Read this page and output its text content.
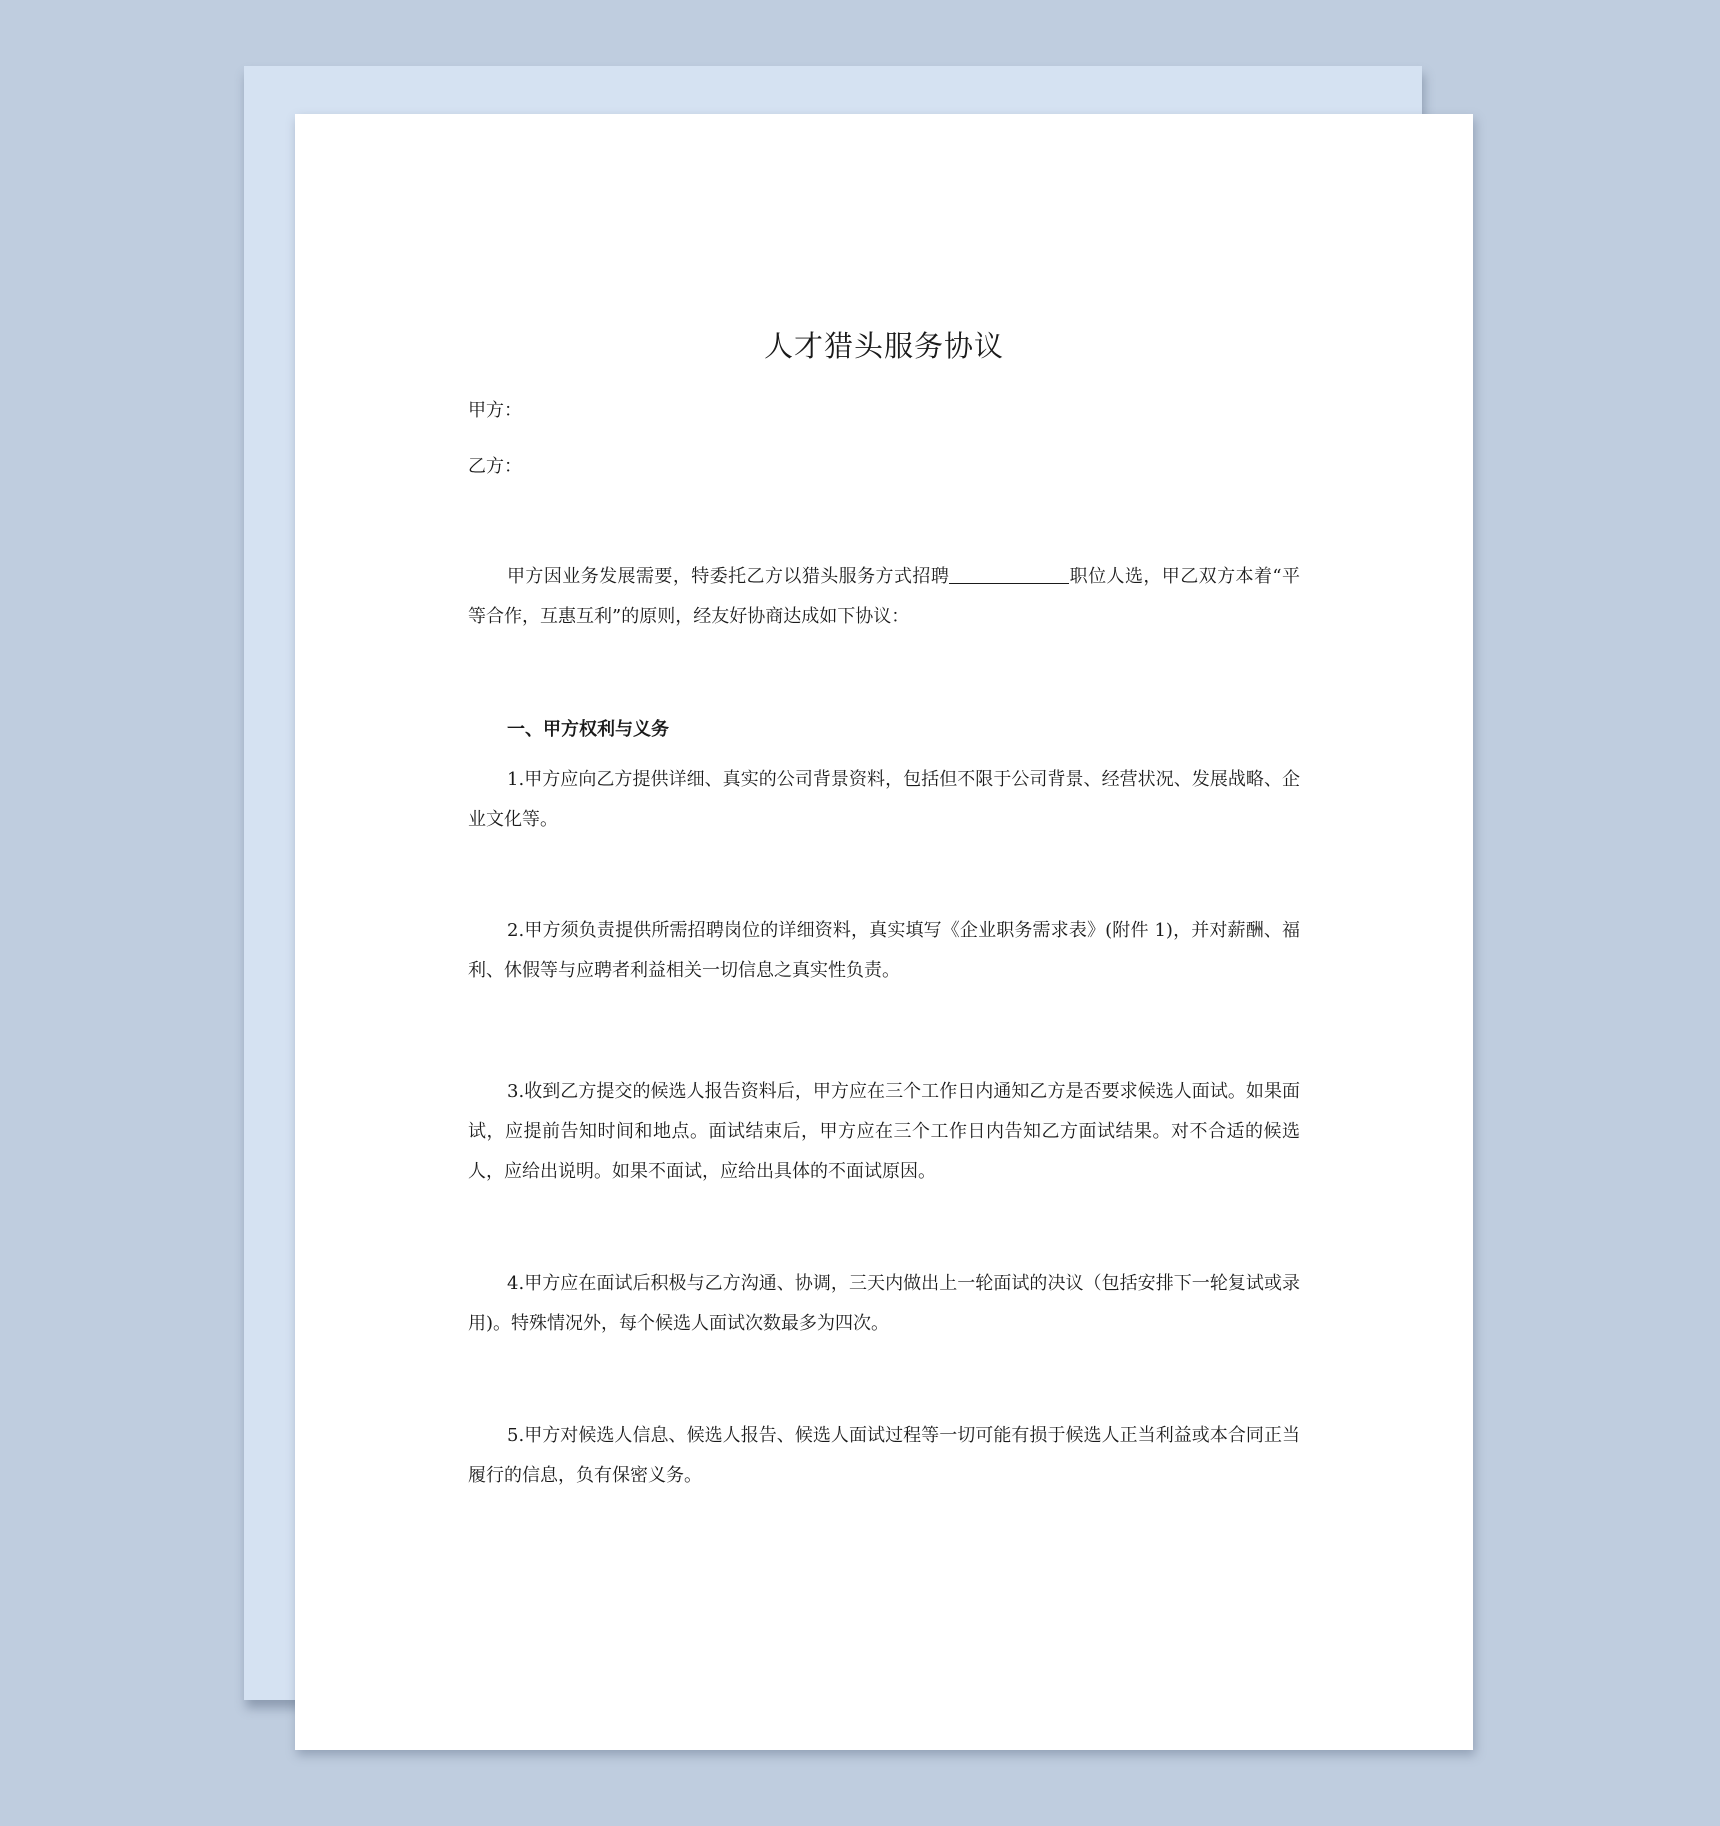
人才猎头服务协议
甲方：
乙方：

甲方因业务发展需要，特委托乙方以猎头服务方式招聘	职位人选，甲乙双方本着“平等合作，互惠互利”的原则，经友好协商达成如下协议：

一、甲方权利与义务

1.甲方应向乙方提供详细、真实的公司背景资料，包括但不限于公司背景、经营状况、发展战略、企业文化等。

2.甲方须负责提供所需招聘岗位的详细资料，真实填写《企业职务需求表》(附件 1)，并对薪酬、福利、休假等与应聘者利益相关一切信息之真实性负责。

3.收到乙方提交的候选人报告资料后，甲方应在三个工作日内通知乙方是否要求候选人面试。如果面试，应提前告知时间和地点。面试结束后，甲方应在三个工作日内告知乙方面试结果。对不合适的候选人，应给出说明。如果不面试，应给出具体的不面试原因。

4.甲方应在面试后积极与乙方沟通、协调，三天内做出上一轮面试的决议（包括安排下一轮复试或录用)。特殊情况外，每个候选人面试次数最多为四次。

5.甲方对候选人信息、候选人报告、候选人面试过程等一切可能有损于候选人正当利益或本合同正当履行的信息，负有保密义务。
